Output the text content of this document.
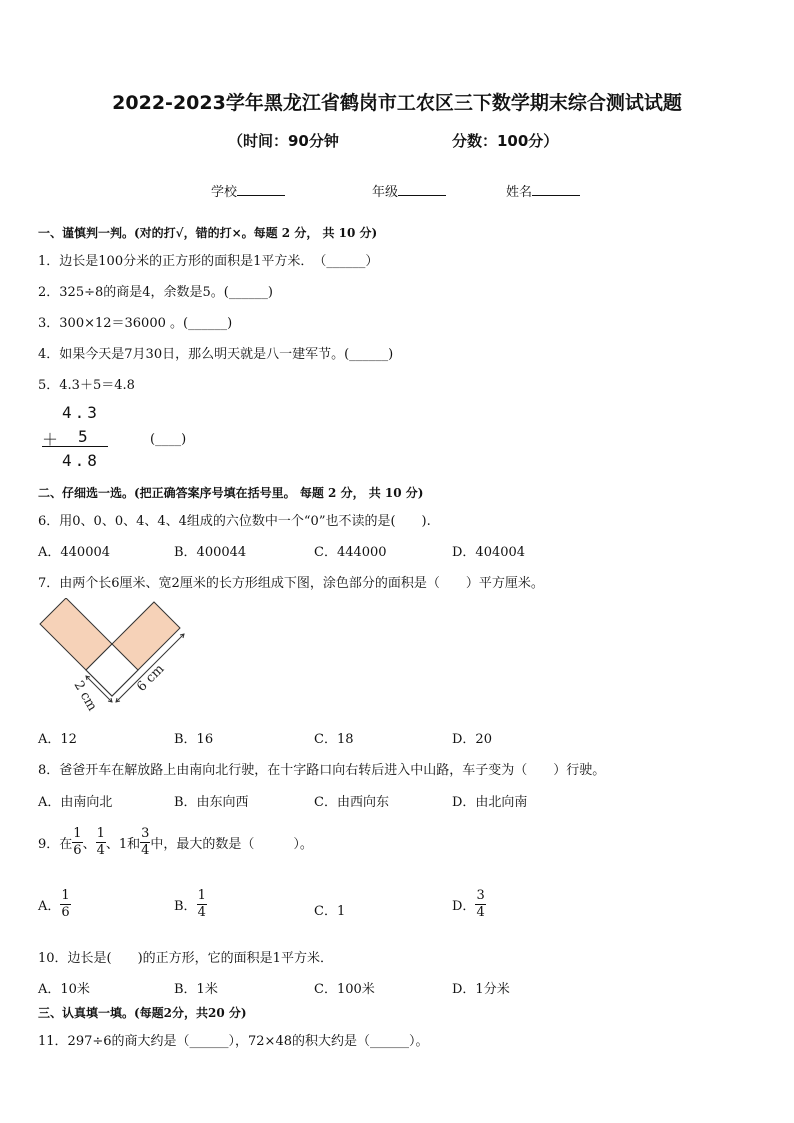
2022-2023学年黑龙江省鹤岗市工农区三下数学期末综合测试试题
（时间：90分钟	分数：100分）
学校	年级	姓名
一、谨慎判一判。(对的打√，错的打×。每题 2 分， 共 10 分)
1．边长是100分米的正方形的面积是1平方米．　（______）
2．325÷8的商是4，余数是5。(______)
3．300×12＝36000 。(______)
4．如果今天是7月30日，那么明天就是八一建军节。(______)
5．4.3＋5＝4.8
4.3
＋ 5
4.8
(____)
二、仔细选一选。(把正确答案序号填在括号里。 每题 2 分， 共 10 分)
6．用0、0、0、4、4、4组成的六位数中一个“0”也不读的是(　　).
A．440004	B．400044	C．444000	D．404004
7．由两个长6厘米、宽2厘米的长方形组成下图，涂色部分的面积是（　　）平方厘米。
2 cm
6 cm
A．12	B．16	C．18	D．20
8．爸爸开车在解放路上由南向北行驶，在十字路口向右转后进入中山路，车子变为（　　）行驶。
A．由南向北	B．由东向西	C．由西向东	D．由北向南
9．在 $\frac{1}{6}$ 、 $\frac{1}{4}$ 、1和 $\frac{3}{4}$ 中，最大的数是（　　　）。
A． $\frac{1}{6}$	B． $\frac{1}{4}$	C．1	D． $\frac{3}{4}$
10．边长是(　　)的正方形，它的面积是1平方米．
A．10米	B．1米	C．100米	D．1分米
三、认真填一填。(每题2分，共20 分)
11．297÷6的商大约是（______），72×48的积大约是（______）。
